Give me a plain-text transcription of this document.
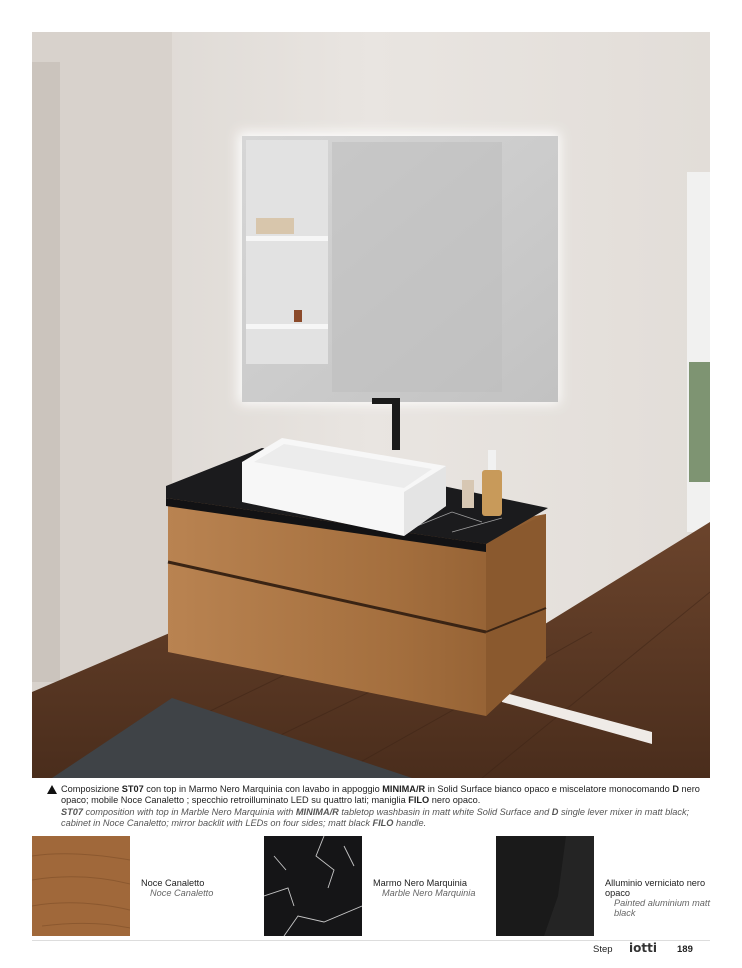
Composizione ST07 con top in Marmo Nero Marquinia con lavabo in appoggio MINIMA/R in Solid Surface bianco opaco e miscelatore monocomando D nero opaco; mobile Noce Canaletto ; specchio retroilluminato LED su quattro lati; maniglia FILO nero opaco.
ST07 composition with top in Marble Nero Marquinia with MINIMA/R tabletop washbasin in matt white Solid Surface and D single lever mixer in matt black; cabinet in Noce Canaletto; mirror backlit with LEDs on four sides; matt black FILO handle.
Noce Canaletto
Noce Canaletto
Marmo Nero Marquinia
Marble Nero Marquinia
Alluminio verniciato nero opaco
Painted aluminium matt black
Step iotti 189
